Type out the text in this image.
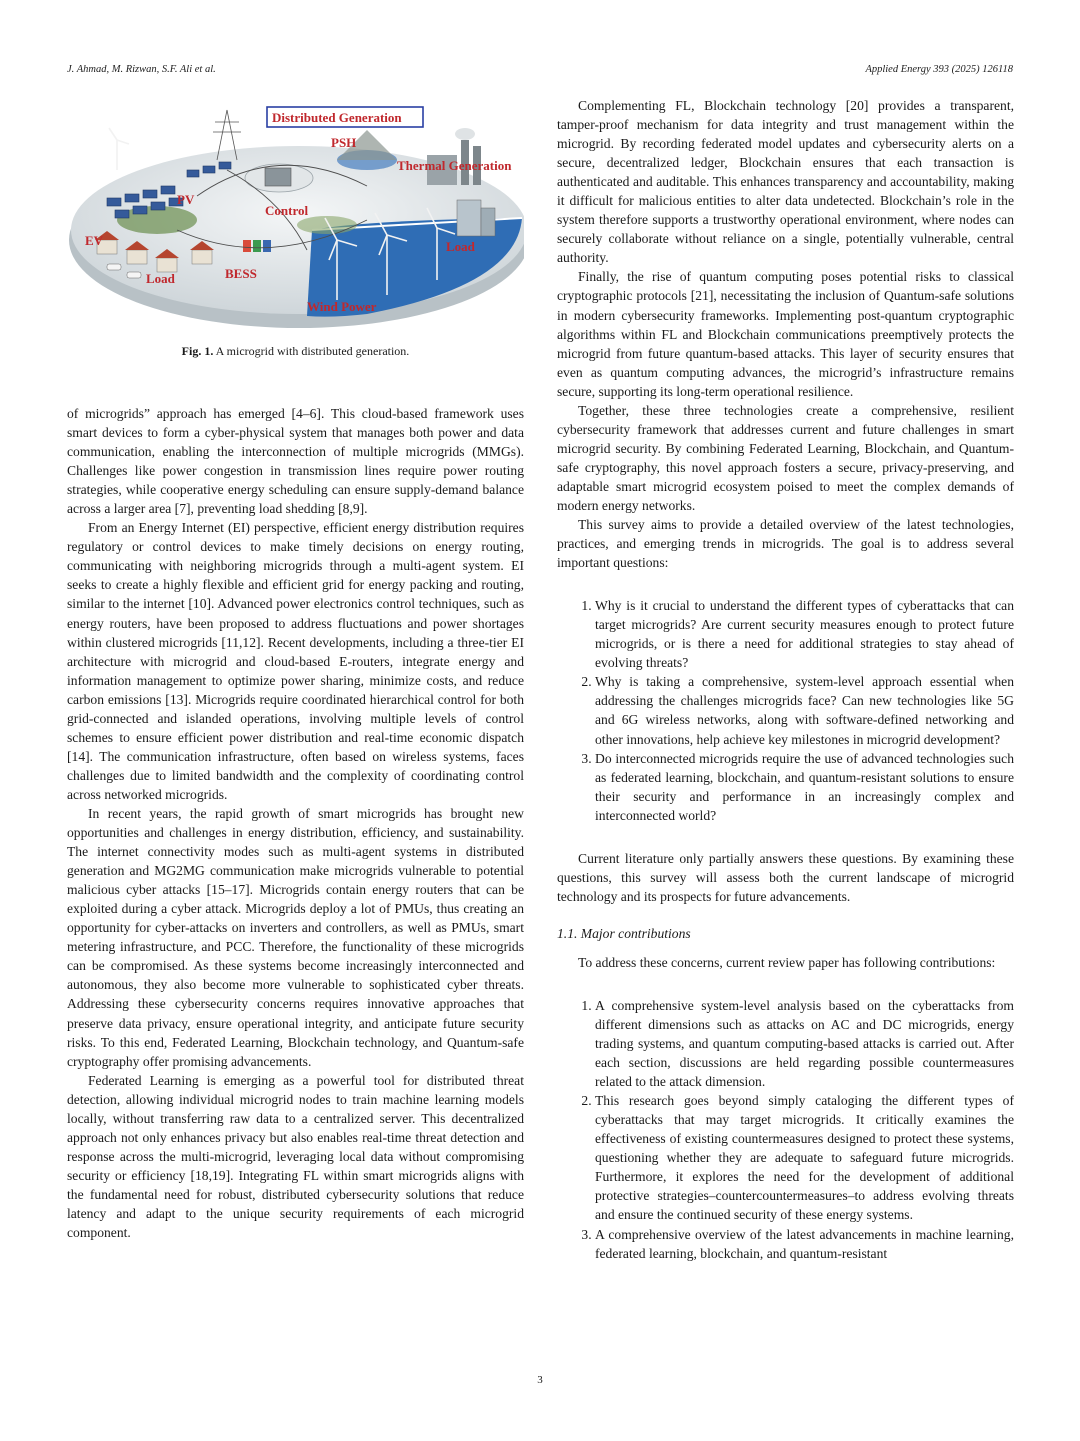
J. Ahmad, M. Rizwan, S.F. Ali et al.	Applied Energy 393 (2025) 126118
Distributed Generation
PSH
Thermal Generation
PV
Control
EV	Load
Load	BESS
Wind Power
Fig. 1. A microgrid with distributed generation.

of microgrids” approach has emerged [4–6]. This cloud-based framework uses smart devices to form a cyber-physical system that manages both power and data communication, enabling the interconnection of multiple microgrids (MMGs). Challenges like power congestion in transmission lines require power routing strategies, while cooperative energy scheduling can ensure supply-demand balance across a larger area [7], preventing load shedding [8,9].

From an Energy Internet (EI) perspective, efficient energy distribution requires regulatory or control devices to make timely decisions on energy routing, communicating with neighboring microgrids through a multi-agent system. EI seeks to create a highly flexible and efficient grid for energy packing and routing, similar to the internet [10]. Advanced power electronics control techniques, such as energy routers, have been proposed to address fluctuations and power shortages within clustered microgrids [11,12]. Recent developments, including a three-tier EI architecture with microgrid and cloud-based E-routers, integrate energy and information management to optimize power sharing, minimize costs, and reduce carbon emissions [13]. Microgrids require coordinated hierarchical control for both grid-connected and islanded operations, involving multiple levels of control schemes to ensure efficient power distribution and real-time economic dispatch [14]. The communication infrastructure, often based on wireless systems, faces challenges due to limited bandwidth and the complexity of coordinating control across networked microgrids.

In recent years, the rapid growth of smart microgrids has brought new opportunities and challenges in energy distribution, efficiency, and sustainability. The internet connectivity modes such as multi-agent systems in distributed generation and MG2MG communication make microgrids vulnerable to potential malicious cyber attacks [15–17]. Microgrids contain energy routers that can be exploited during a cyber attack. Microgrids deploy a lot of PMUs, thus creating an opportunity for cyber-attacks on inverters and controllers, as well as PMUs, smart metering infrastructure, and PCC. Therefore, the functionality of these microgrids can be compromised. As these systems become increasingly interconnected and autonomous, they also become more vulnerable to sophisticated cyber threats. Addressing these cybersecurity concerns requires innovative approaches that preserve data privacy, ensure operational integrity, and anticipate future security risks. To this end, Federated Learning, Blockchain technology, and Quantum-safe cryptography offer promising advancements.

Federated Learning is emerging as a powerful tool for distributed threat detection, allowing individual microgrid nodes to train machine learning models locally, without transferring raw data to a centralized server. This decentralized approach not only enhances privacy but also enables real-time threat detection and response across the multi-microgrid, leveraging local data without compromising security or efficiency [18,19]. Integrating FL within smart microgrids aligns with the fundamental need for robust, distributed cybersecurity solutions that reduce latency and adapt to the unique security requirements of each microgrid component.

Complementing FL, Blockchain technology [20] provides a transparent, tamper-proof mechanism for data integrity and trust management within the microgrid. By recording federated model updates and cybersecurity alerts on a secure, decentralized ledger, Blockchain ensures that each transaction is authenticated and auditable. This enhances transparency and accountability, making it difficult for malicious entities to alter data undetected. Blockchain’s role in the system therefore supports a trustworthy operational environment, where nodes can securely collaborate without reliance on a single, potentially vulnerable, central authority.

Finally, the rise of quantum computing poses potential risks to classical cryptographic protocols [21], necessitating the inclusion of Quantum-safe solutions in modern cybersecurity frameworks. Implementing post-quantum cryptographic algorithms within FL and Blockchain communications preemptively protects the microgrid from future quantum-based attacks. This layer of security ensures that even as quantum computing advances, the microgrid’s infrastructure remains secure, supporting its long-term operational resilience.

Together, these three technologies create a comprehensive, resilient cybersecurity framework that addresses current and future challenges in smart microgrid security. By combining Federated Learning, Blockchain, and Quantum-safe cryptography, this novel approach fosters a secure, privacy-preserving, and adaptable smart microgrid ecosystem poised to meet the complex demands of modern energy networks.

This survey aims to provide a detailed overview of the latest technologies, practices, and emerging trends in microgrids. The goal is to address several important questions:

1. Why is it crucial to understand the different types of cyberattacks that can target microgrids? Are current security measures enough to protect future microgrids, or is there a need for additional strategies to stay ahead of evolving threats?
2. Why is taking a comprehensive, system-level approach essential when addressing the challenges microgrids face? Can new technologies like 5G and 6G wireless networks, along with software-defined networking and other innovations, help achieve key milestones in microgrid development?
3. Do interconnected microgrids require the use of advanced technologies such as federated learning, blockchain, and quantum-resistant solutions to ensure their security and performance in an increasingly complex and interconnected world?

Current literature only partially answers these questions. By examining these questions, this survey will assess both the current landscape of microgrid technology and its prospects for future advancements.

1.1. Major contributions

To address these concerns, current review paper has following contributions:

1. A comprehensive system-level analysis based on the cyberattacks from different dimensions such as attacks on AC and DC microgrids, energy trading systems, and quantum computing-based attacks is carried out. After each section, discussions are held regarding possible countermeasures related to the attack dimension.
2. This research goes beyond simply cataloging the different types of cyberattacks that may target microgrids. It critically examines the effectiveness of existing countermeasures designed to protect these systems, questioning whether they are adequate to safeguard future microgrids. Furthermore, it explores the need for the development of additional protective strategies–countercountermeasures–to address evolving threats and ensure the continued security of these energy systems.
3. A comprehensive overview of the latest advancements in machine learning, federated learning, blockchain, and quantum-resistant
3
